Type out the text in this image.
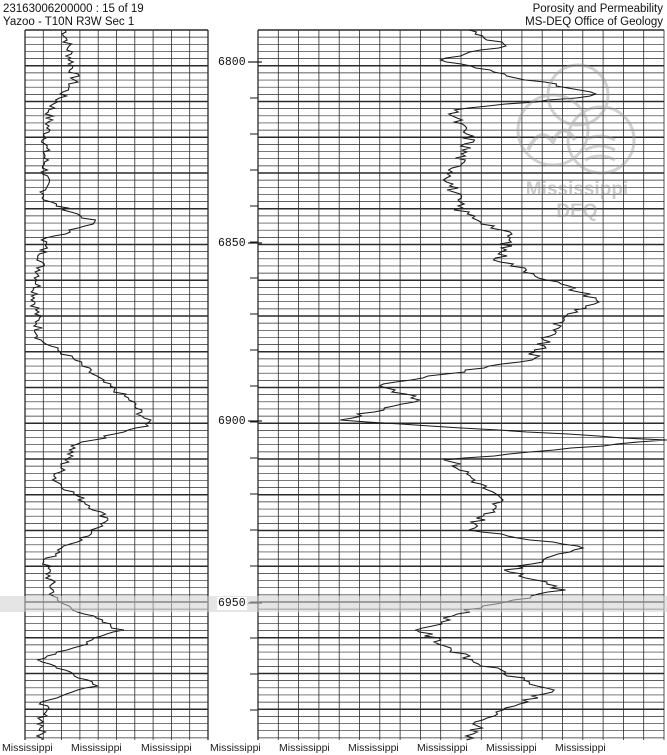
23163006200000 : 15 of 19
Yazoo - T10N R3W Sec 1
Porosity and Permeability
MS-DEQ Office of Geology
Mississippi
DEQ
6800
6850
6900
6950
Mississippi Mississippi Mississippi Mississippi Mississippi Mississippi Mississippi Mississippi Mississippi
